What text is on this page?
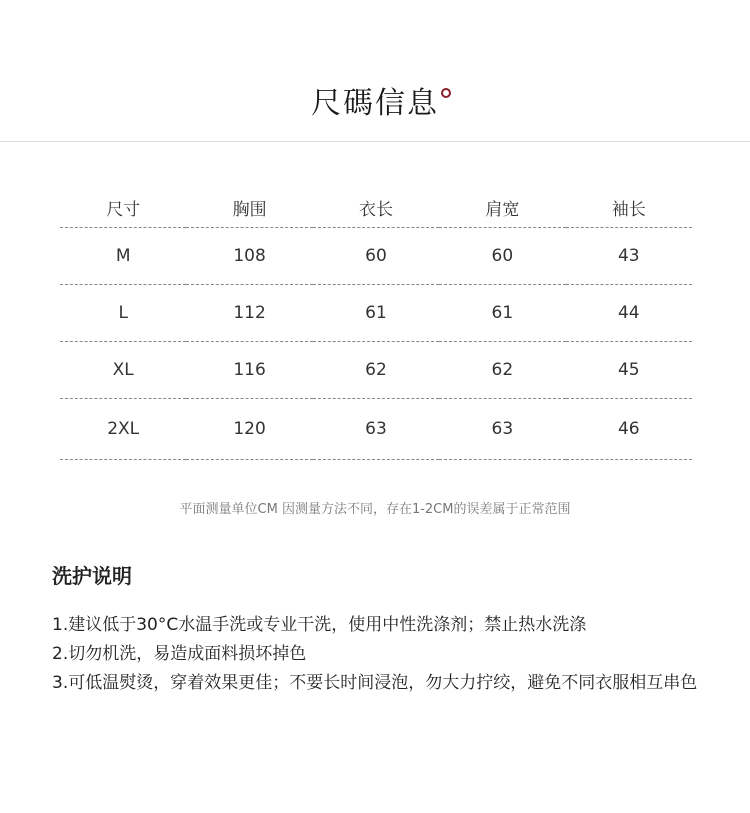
尺碼信息
尺寸	胸围	衣长	肩宽	袖长
M	108	60	60	43
L	112	61	61	44
XL	116	62	62	45
2XL	120	63	63	46
平面测量单位CM 因测量方法不同，存在1-2CM的误差属于正常范围
洗护说明
1.建议低于30°C水温手洗或专业干洗，使用中性洗涤剂；禁止热水洗涤
2.切勿机洗，易造成面料损坏掉色
3.可低温熨烫，穿着效果更佳；不要长时间浸泡，勿大力拧绞，避免不同衣服相互串色
